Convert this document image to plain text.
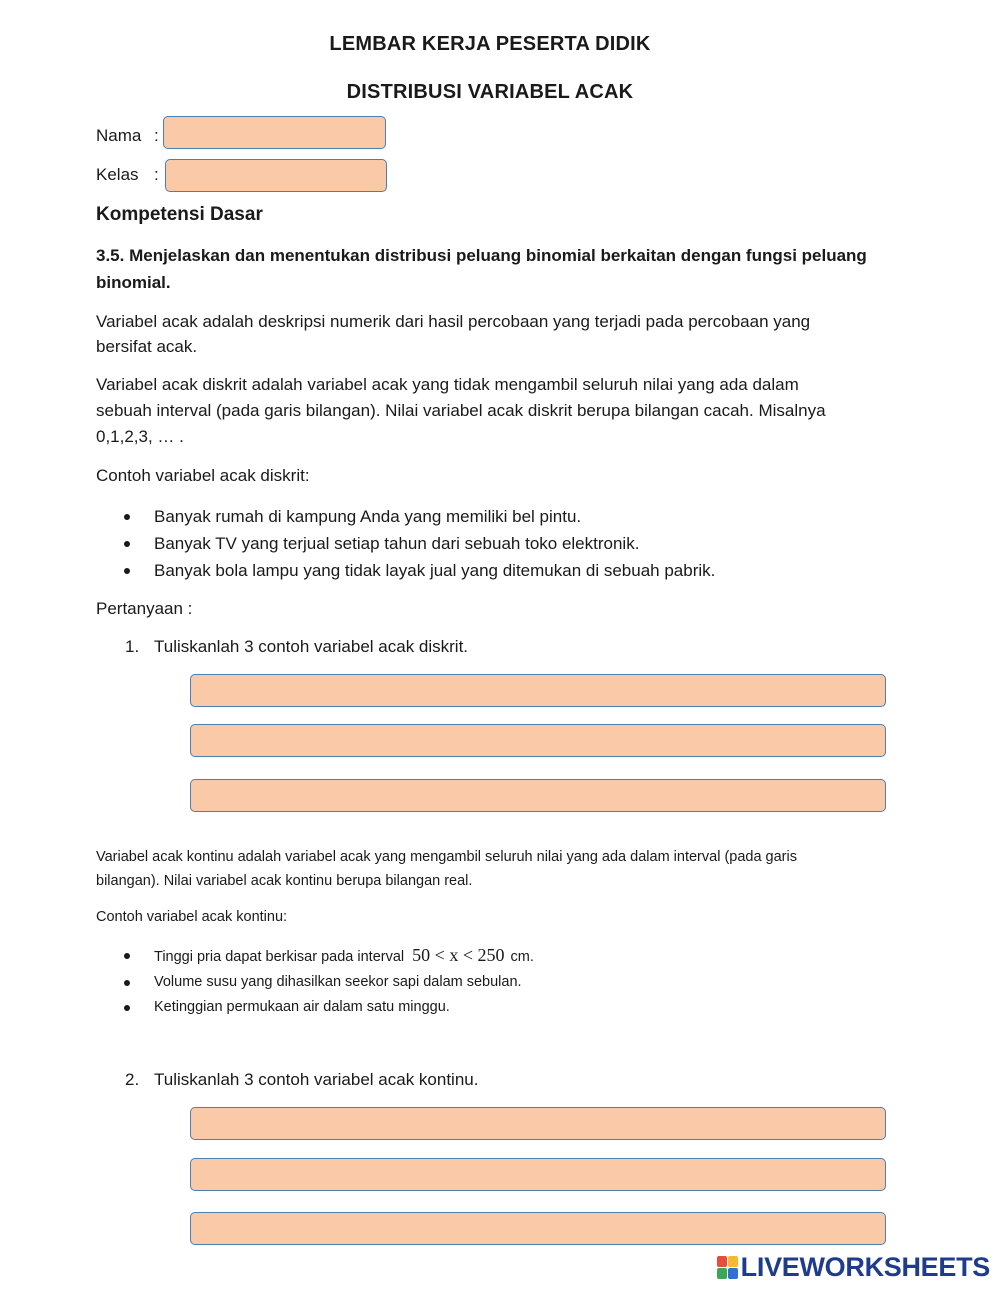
LEMBAR KERJA PESERTA DIDIK
DISTRIBUSI VARIABEL ACAK
Nama :
Kelas :
Kompetensi Dasar
3.5. Menjelaskan dan menentukan distribusi peluang binomial berkaitan dengan fungsi peluang
binomial.
Variabel acak adalah deskripsi numerik dari hasil percobaan yang terjadi pada percobaan yang
bersifat acak.
Variabel acak diskrit adalah variabel acak yang tidak mengambil seluruh nilai yang ada dalam
sebuah interval (pada garis bilangan). Nilai variabel acak diskrit berupa bilangan cacah. Misalnya
0,1,2,3, … .
Contoh variabel acak diskrit:
Banyak rumah di kampung Anda yang memiliki bel pintu.
Banyak TV yang terjual setiap tahun dari sebuah toko elektronik.
Banyak bola lampu yang tidak layak jual yang ditemukan di sebuah pabrik.
Pertanyaan :
1. Tuliskanlah 3 contoh variabel acak diskrit.
Variabel acak kontinu adalah variabel acak yang mengambil seluruh nilai yang ada dalam interval (pada garis
bilangan). Nilai variabel acak kontinu berupa bilangan real.
Contoh variabel acak kontinu:
Tinggi pria dapat berkisar pada interval 50 < x < 250 cm.
Volume susu yang dihasilkan seekor sapi dalam sebulan.
Ketinggian permukaan air dalam satu minggu.
2. Tuliskanlah 3 contoh variabel acak kontinu.
LIVEWORKSHEETS
